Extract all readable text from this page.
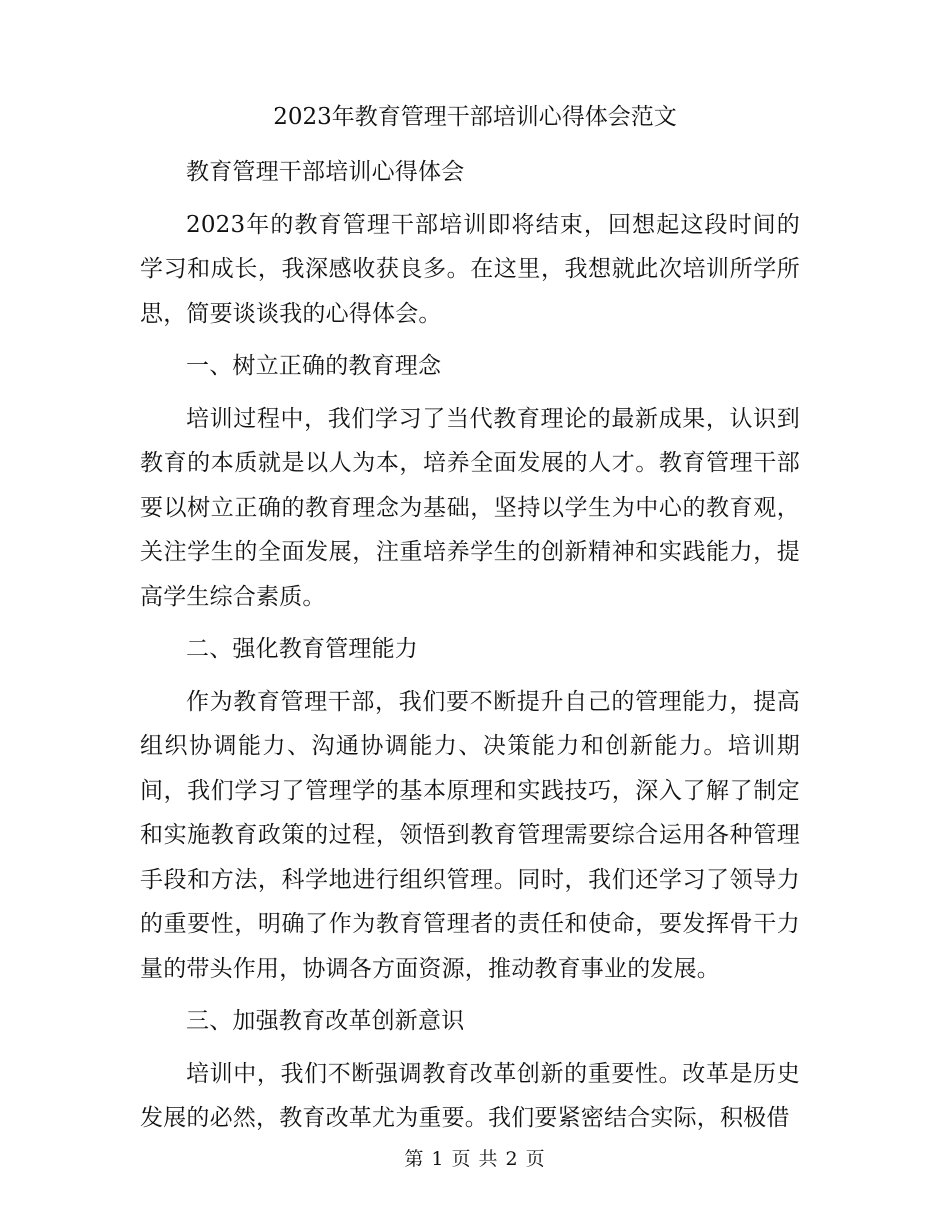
2023年教育管理干部培训心得体会范文

教育管理干部培训心得体会

2023年的教育管理干部培训即将结束，回想起这段时间的学习和成长，我深感收获良多。在这里，我想就此次培训所学所思，简要谈谈我的心得体会。

一、树立正确的教育理念

培训过程中，我们学习了当代教育理论的最新成果，认识到教育的本质就是以人为本，培养全面发展的人才。教育管理干部要以树立正确的教育理念为基础，坚持以学生为中心的教育观，关注学生的全面发展，注重培养学生的创新精神和实践能力，提高学生综合素质。

二、强化教育管理能力

作为教育管理干部，我们要不断提升自己的管理能力，提高组织协调能力、沟通协调能力、决策能力和创新能力。培训期间，我们学习了管理学的基本原理和实践技巧，深入了解了制定和实施教育政策的过程，领悟到教育管理需要综合运用各种管理手段和方法，科学地进行组织管理。同时，我们还学习了领导力的重要性，明确了作为教育管理者的责任和使命，要发挥骨干力量的带头作用，协调各方面资源，推动教育事业的发展。

三、加强教育改革创新意识

培训中，我们不断强调教育改革创新的重要性。改革是历史发展的必然，教育改革尤为重要。我们要紧密结合实际，积极借

第 1 页 共 2 页
